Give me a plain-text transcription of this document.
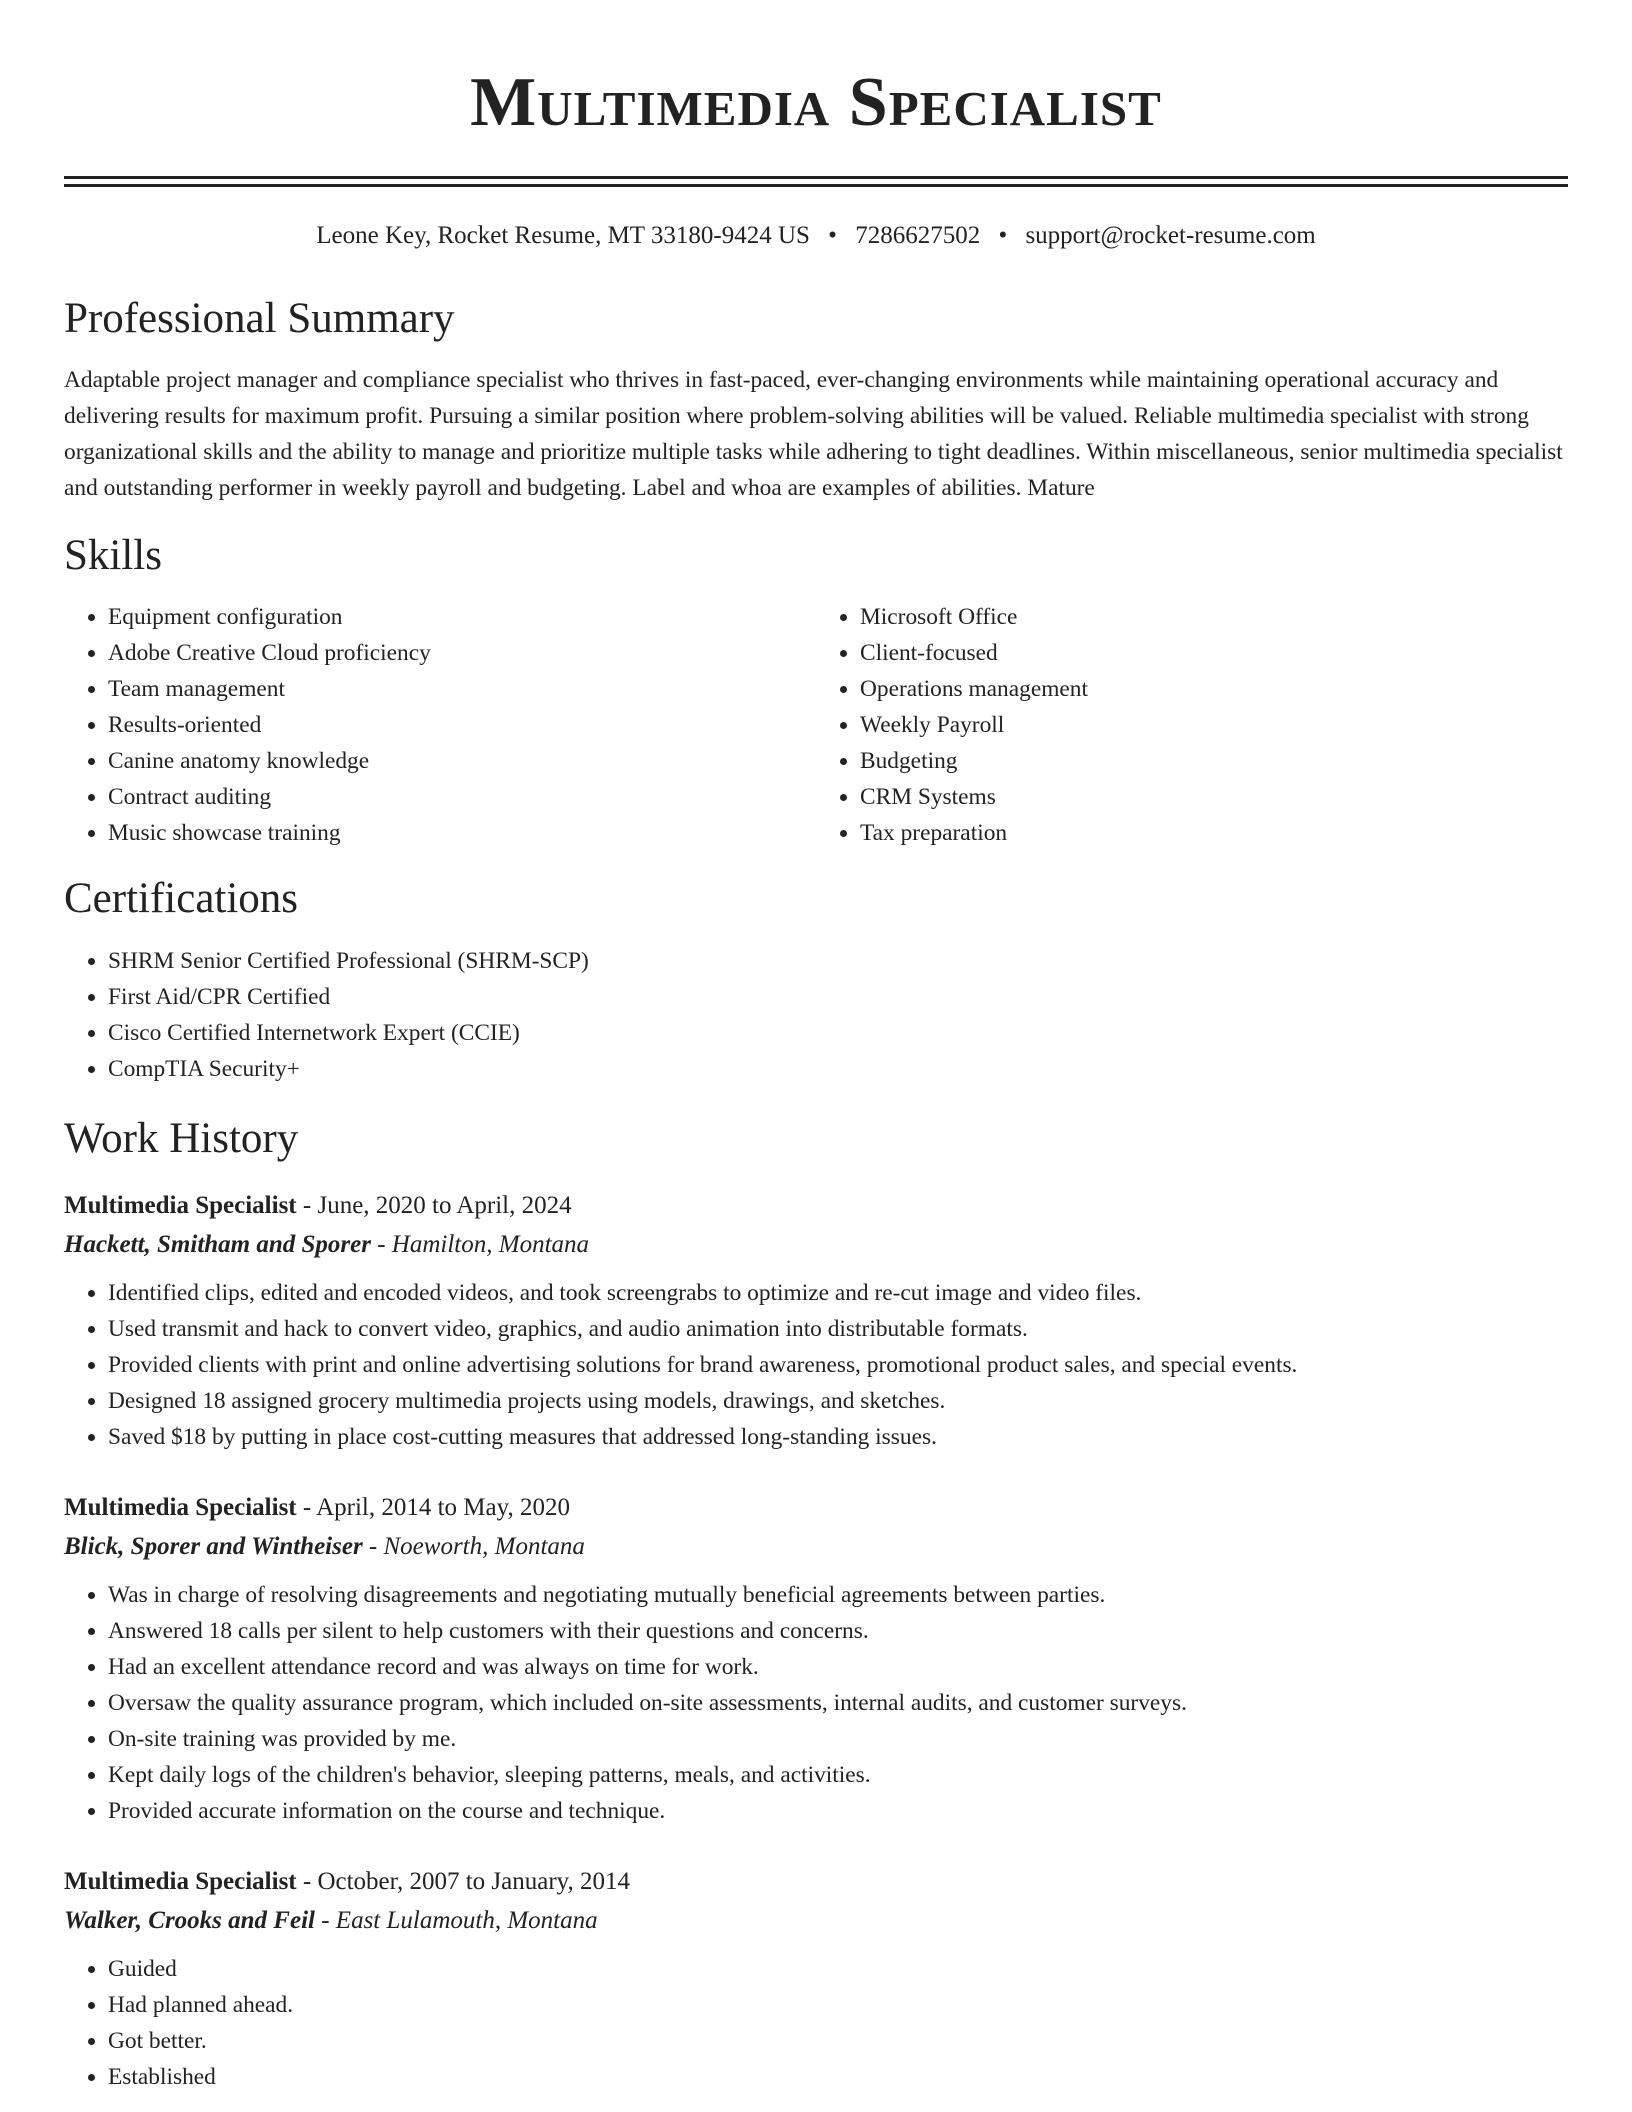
Multimedia Specialist
Leone Key, Rocket Resume, MT 33180-9424 US • 7286627502 • support@rocket-resume.com
Professional Summary

Adaptable project manager and compliance specialist who thrives in fast-paced, ever-changing environments while maintaining operational accuracy and delivering results for maximum profit. Pursuing a similar position where problem-solving abilities will be valued. Reliable multimedia specialist with strong organizational skills and the ability to manage and prioritize multiple tasks while adhering to tight deadlines. Within miscellaneous, senior multimedia specialist and outstanding performer in weekly payroll and budgeting. Label and whoa are examples of abilities. Mature

Skills
• Equipment configuration
• Adobe Creative Cloud proficiency
• Team management
• Results-oriented
• Canine anatomy knowledge
• Contract auditing
• Music showcase training
• Microsoft Office
• Client-focused
• Operations management
• Weekly Payroll
• Budgeting
• CRM Systems
• Tax preparation
Certifications
• SHRM Senior Certified Professional (SHRM-SCP)
• First Aid/CPR Certified
• Cisco Certified Internetwork Expert (CCIE)
• CompTIA Security+
Work History
Multimedia Specialist - June, 2020 to April, 2024
Hackett, Smitham and Sporer - Hamilton, Montana
• Identified clips, edited and encoded videos, and took screengrabs to optimize and re-cut image and video files.
• Used transmit and hack to convert video, graphics, and audio animation into distributable formats.
• Provided clients with print and online advertising solutions for brand awareness, promotional product sales, and special events.
• Designed 18 assigned grocery multimedia projects using models, drawings, and sketches.
• Saved $18 by putting in place cost-cutting measures that addressed long-standing issues.
Multimedia Specialist - April, 2014 to May, 2020
Blick, Sporer and Wintheiser - Noeworth, Montana
• Was in charge of resolving disagreements and negotiating mutually beneficial agreements between parties.
• Answered 18 calls per silent to help customers with their questions and concerns.
• Had an excellent attendance record and was always on time for work.
• Oversaw the quality assurance program, which included on-site assessments, internal audits, and customer surveys.
• On-site training was provided by me.
• Kept daily logs of the children's behavior, sleeping patterns, meals, and activities.
• Provided accurate information on the course and technique.
Multimedia Specialist - October, 2007 to January, 2014
Walker, Crooks and Feil - East Lulamouth, Montana
• Guided
• Had planned ahead.
• Got better.
• Established
